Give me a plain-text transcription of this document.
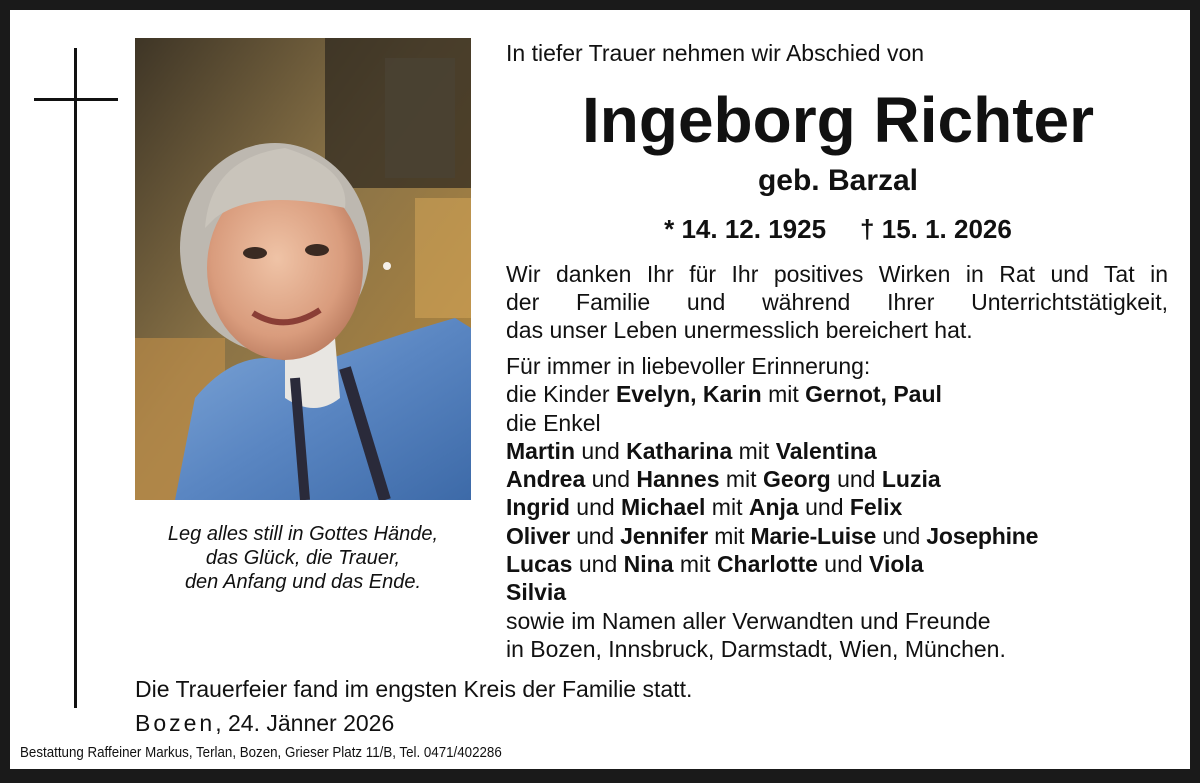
Leg alles still in Gottes Hände,
das Glück, die Trauer,
den Anfang und das Ende.
In tiefer Trauer nehmen wir Abschied von
Ingeborg Richter
geb. Barzal
* 14. 12. 1925 † 15. 1. 2026
Wir danken Ihr für Ihr positives Wirken in Rat und Tat in
der Familie und während Ihrer Unterrichtstätigkeit,
das unser Leben unermesslich bereichert hat.
Für immer in liebevoller Erinnerung:
die Kinder Evelyn, Karin mit Gernot, Paul
die Enkel
Martin und Katharina mit Valentina
Andrea und Hannes mit Georg und Luzia
Ingrid und Michael mit Anja und Felix
Oliver und Jennifer mit Marie-Luise und Josephine
Lucas und Nina mit Charlotte und Viola
Silvia
sowie im Namen aller Verwandten und Freunde
in Bozen, Innsbruck, Darmstadt, Wien, München.
Die Trauerfeier fand im engsten Kreis der Familie statt.
Bozen, 24. Jänner 2026
Bestattung Raffeiner Markus, Terlan, Bozen, Grieser Platz 11/B, Tel. 0471/402286
